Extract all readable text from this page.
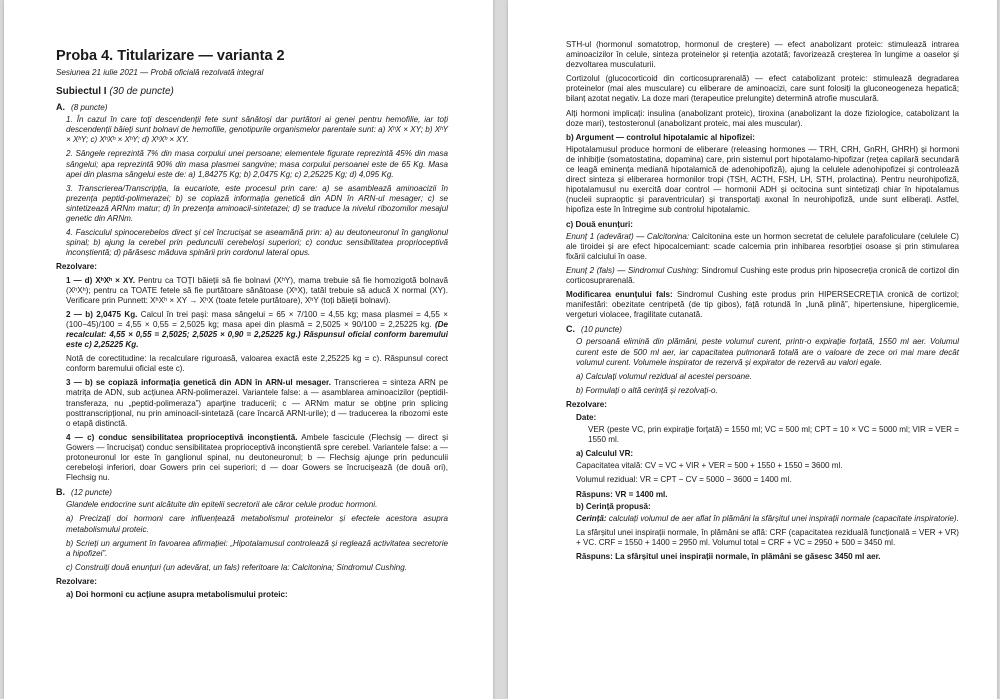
Proba 4. Titularizare — varianta 2

Sesiunea 21 iulie 2021 — Probă oficială rezolvată integral

Subiectul I (30 de puncte)

A. (8 puncte)

1. În cazul în care toți descendenții fete sunt sănătoși dar purtători ai genei pentru hemofilie, iar toți descendenții băieți sunt bolnavi de hemofilie, genotipurile organismelor parentale sunt: a) XʰX × XY; b) XʰY × XʰY; c) XʰXʰ × XʰY; d) XʰXʰ × XY.

2. Sângele reprezintă 7% din masa corpului unei persoane; elementele figurate reprezintă 45% din masa sângelui; apa reprezintă 90% din masa plasmei sangvine; masa corpului persoanei este de 65 Kg. Masa apei din plasma sângelui este de: a) 1,84275 Kg; b) 2,0475 Kg; c) 2,25225 Kg; d) 4,095 Kg.

3. Transcrierea/Transcripția, la eucariote, este procesul prin care: a) se asamblează aminoacizii în prezența peptid-polimerazei; b) se copiază informația genetică din ADN în ARN-ul mesager; c) se sintetizează ARNm matur; d) în prezența aminoacil-sintetazei; d) se traduce la nivelul ribozomilor mesajul genetic din ARNm.

4. Fasciculul spinocerebelos direct și cel încrucișat se aseamănă prin: a) au deutoneuronul în ganglionul spinal; b) ajung la cerebel prin pedunculii cerebeloși superiori; c) conduc sensibilitatea proprioceptivă inconștientă; d) părăsesc măduva spinării prin cordonul lateral opus.

Rezolvare:

1 — d) XʰXʰ × XY. Pentru ca TOȚI băieții să fie bolnavi (XʰY), mama trebuie să fie homozigotă bolnavă (XʰXʰ); pentru ca TOATE fetele să fie purtătoare sănătoase (XʰX), tatăl trebuie să aducă X normal (XY). Verificare prin Punnett: XʰXʰ × XY → XʰX (toate fetele purtătoare), XʰY (toți băieții bolnavi).

2 — b) 2,0475 Kg. Calcul în trei pași: masa sângelui = 65 × 7/100 = 4,55 kg; masa plasmei = 4,55 × (100−45)/100 = 4,55 × 0,55 = 2,5025 kg; masa apei din plasmă = 2,5025 × 90/100 = 2,25225 kg. (De recalculat: 4,55 × 0,55 = 2,5025; 2,5025 × 0,90 = 2,25225 kg.) Răspunsul oficial conform baremului este c) 2,25225 Kg.

Notă de corectitudine: la recalculare riguroasă, valoarea exactă este 2,25225 kg = c). Răspunsul corect conform baremului oficial este c).

3 — b) se copiază informația genetică din ADN în ARN-ul mesager. Transcrierea = sinteza ARN pe matrița de ADN, sub acțiunea ARN-polimerazei. Variantele false: a — asamblarea aminoacizilor (peptidil-transferaza, nu „peptid-polimeraza”) aparține traducerii; c — ARNm matur se obține prin splicing posttranscripțional, nu prin aminoacil-sintetază (care încarcă ARNt-urile); d — traducerea la ribozomi este o etapă distinctă.

4 — c) conduc sensibilitatea proprioceptivă inconștientă. Ambele fascicule (Flechsig — direct și Gowers — încrucișat) conduc sensibilitatea proprioceptivă inconștientă spre cerebel. Variantele false: a — protoneuronul lor este în ganglionul spinal, nu deutoneuronul; b — Flechsig ajunge prin pedunculii cerebeloși inferiori, doar Gowers prin cei superiori; d — doar Gowers se încrucișează (de două ori), Flechsig nu.

B. (12 puncte)

Glandele endocrine sunt alcătuite din epitelii secretorii ale căror celule produc hormoni.

a) Precizați doi hormoni care influențează metabolismul proteinelor și efectele acestora asupra metabolismului proteic.

b) Scrieți un argument în favoarea afirmației: „Hipotalamusul controlează și reglează activitatea secretorie a hipofizei”.

c) Construiți două enunțuri (un adevărat, un fals) referitoare la: Calcitonina; Sindromul Cushing.

Rezolvare:

a) Doi hormoni cu acțiune asupra metabolismului proteic:

STH-ul (hormonul somatotrop, hormonul de creștere) — efect anabolizant proteic: stimulează intrarea aminoacizilor în celule, sinteza proteinelor și retenția azotată; favorizează creșterea în lungime a oaselor și dezvoltarea musculaturii.

Cortizolul (glucocorticoid din corticosuprarenală) — efect catabolizant proteic: stimulează degradarea proteinelor (mai ales musculare) cu eliberare de aminoacizi, care sunt folosiți la gluconeogeneza hepatică; bilanț azotat negativ. La doze mari (terapeutice prelungite) determină atrofie musculară.

Alți hormoni implicați: insulina (anabolizant proteic), tiroxina (anabolizant la doze fiziologice, catabolizant la doze mari), testosteronul (anabolizant proteic, mai ales muscular).

b) Argument — controlul hipotalamic al hipofizei:

Hipotalamusul produce hormoni de eliberare (releasing hormones — TRH, CRH, GnRH, GHRH) și hormoni de inhibiție (somatostatina, dopamina) care, prin sistemul port hipotalamo-hipofizar (rețea capilară secundară ce leagă eminența mediană hipotalamică de adenohipofiză), ajung la celulele adenohipofizei și controlează direct sinteza și eliberarea hormonilor tropi (TSH, ACTH, FSH, LH, STH, prolactina). Pentru neurohipofiză, hipotalamusul nu exercită doar control — hormonii ADH și ocitocina sunt sintetizați chiar în hipotalamus (nucleii supraoptic și paraventricular) și transportați axonal în neurohipofiză, unde sunt eliberați. Astfel, hipofiza este în întregime sub controlul hipotalamic.

c) Două enunțuri:

Enunț 1 (adevărat) — Calcitonina: Calcitonina este un hormon secretat de celulele parafoliculare (celulele C) ale tiroidei și are efect hipocalcemiant: scade calcemia prin inhibarea resorbției osoase și prin stimularea fixării calciului în oase.

Enunț 2 (fals) — Sindromul Cushing: Sindromul Cushing este produs prin hiposecreția cronică de cortizol din corticosuprarenală.

Modificarea enunțului fals: Sindromul Cushing este produs prin HIPERSECREȚIA cronică de cortizol; manifestări: obezitate centripetă (de tip gibos), față rotundă în „lună plină”, hipertensiune, hiperglicemie, vergeturi violacee, fragilitate cutanată.

C. (10 puncte)

O persoană elimină din plămâni, peste volumul curent, printr-o expirație forțată, 1550 ml aer. Volumul curent este de 500 ml aer, iar capacitatea pulmonară totală are o valoare de zece ori mai mare decât volumul curent. Volumele inspirator de rezervă și expirator de rezervă au valori egale.

a) Calculați volumul rezidual al acestei persoane.

b) Formulați o altă cerință și rezolvați-o.

Rezolvare:

Date:

VER (peste VC, prin expirație forțată) = 1550 ml; VC = 500 ml; CPT = 10 × VC = 5000 ml; VIR = VER = 1550 ml.

a) Calculul VR:

Capacitatea vitală: CV = VC + VIR + VER = 500 + 1550 + 1550 = 3600 ml.

Volumul rezidual: VR = CPT − CV = 5000 − 3600 = 1400 ml.

Răspuns: VR = 1400 ml.

b) Cerință propusă:

Cerință: calculați volumul de aer aflat în plămâni la sfârșitul unei inspirații normale (capacitate inspiratorie).

La sfârșitul unei inspirații normale, în plămâni se află: CRF (capacitatea reziduală funcțională = VER + VR) + VC. CRF = 1550 + 1400 = 2950 ml. Volumul total = CRF + VC = 2950 + 500 = 3450 ml.

Răspuns: La sfârșitul unei inspirații normale, în plămâni se găsesc 3450 ml aer.
